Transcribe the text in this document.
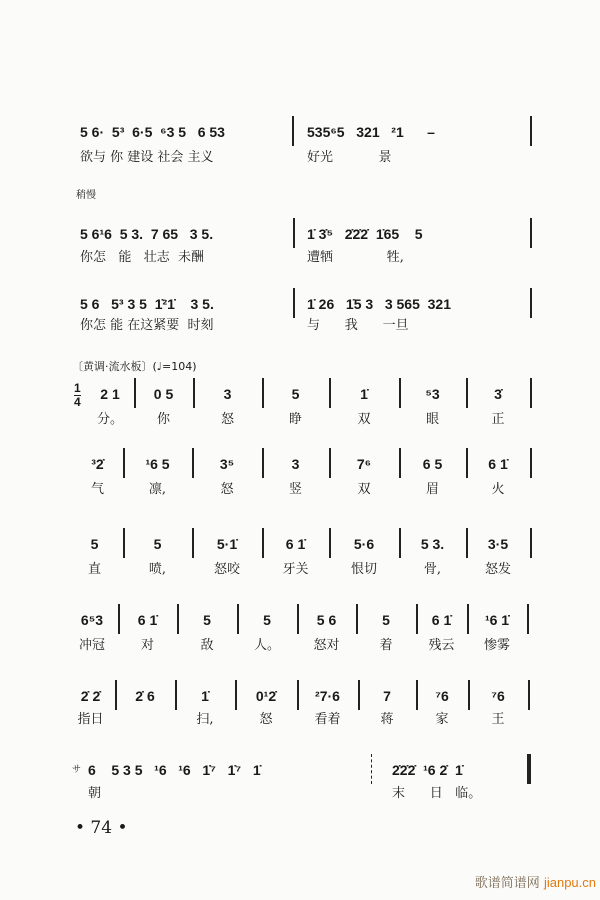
稍慢
〔黄调·流水板〕(♩=104)
1
4
サ
5 6·  5³  6·5  ⁶3 5   6 53
欲与 你 建设 社会 主义
535⁶5   321   ²1      –
好光           景
5 6¹6  5 3.  7 65   3 5.
你怎   能   壮志  未酬
1̇ 3̇⁵   2̇2̇2̇  1̇65    5
遭牺             牲,
5 6   5³ 3 5  1̇²1̇    3 5.
你怎 能 在这紧要  时刻
1̇ 26   1̇5 3   3 565  321
与      我      一旦
2 1
分。
0 5
你
3
怒
5
睁
1̇
双
⁵3
眼
3̇
正
³2̇
气
¹6 5
凛,
3⁵
怒
3
竖
7⁶
双
6 5
眉
6 1̇
火
5
直
5
喷,
5·1̇
怒咬
6 1̇
牙关
5·6
恨切
5 3.
骨,
3·5
怒发
6⁵3
冲冠
6 1̇
对
5
敌
5
人。
5 6
怒对
5
着
6 1̇
残云
¹6 1̇
惨雾
2̇ 2̇
指日
2̇ 6	1̇
扫,
0¹2̇
怒
²7·6
看着
7
蒋
⁷6
家
⁷6
王
6    5 3 5   ¹6   ¹6   1̇⁷   1̇⁷   1̇
朝
2̇2̇2̇  ¹6 2̇  1̇
末      日   临。
• 74 •
歌谱简谱网 jianpu.cn
